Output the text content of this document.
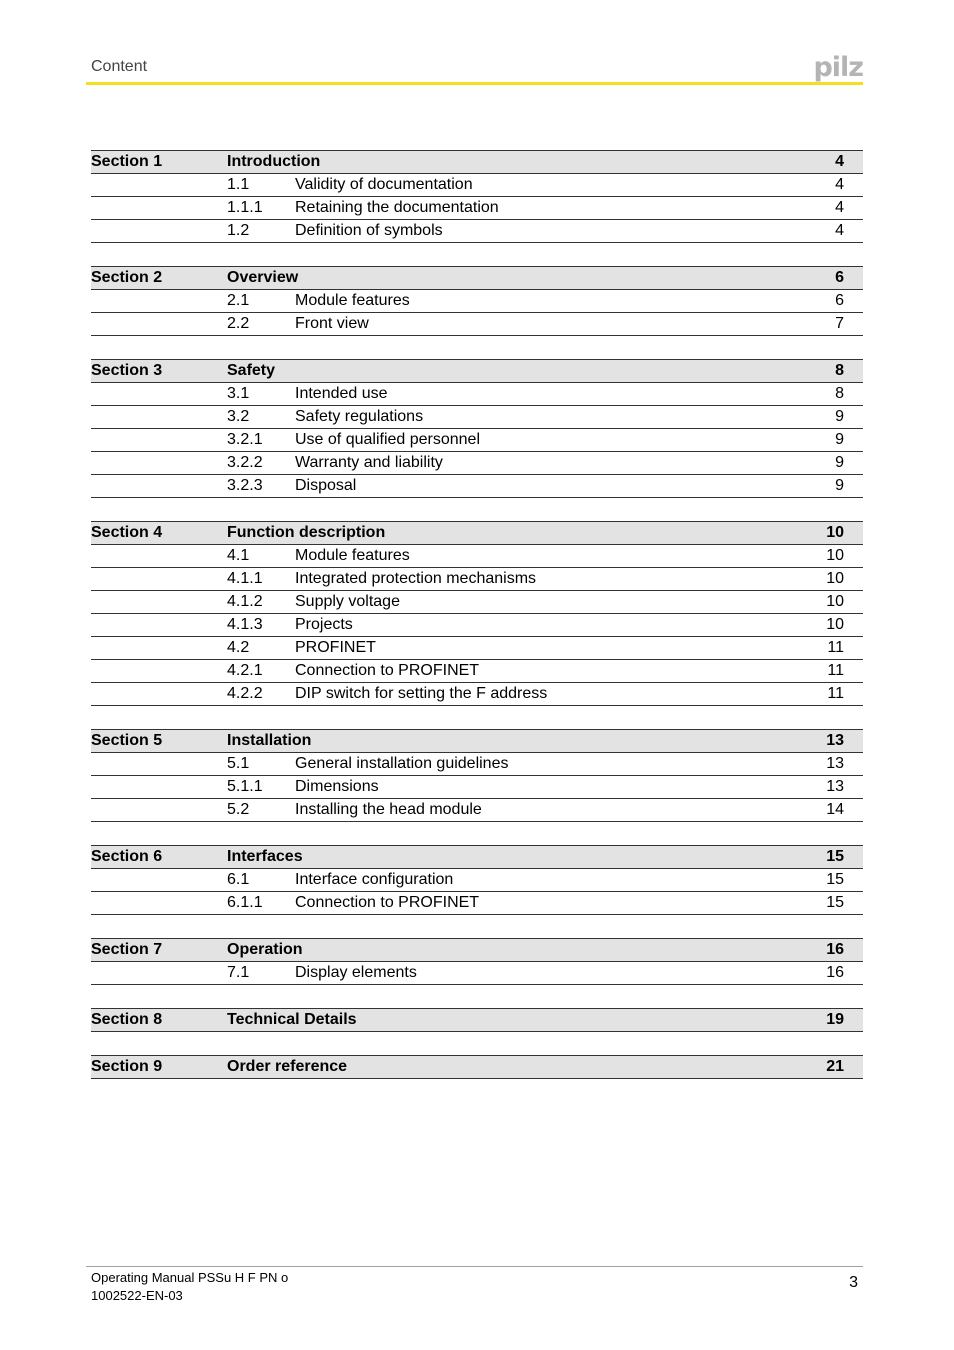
Content	pilz
Section 1	Introduction	4
1.1	Validity of documentation	4
1.1.1 Retaining the documentation	4
1.2	Definition of symbols	4
Section 2	Overview	6
2.1	Module features	6
2.2	Front view	7
Section 3	Safety	8
3.1	Intended use	8
3.2	Safety regulations	9
3.2.1 Use of qualified personnel	9
3.2.2 Warranty and liability	9
3.2.3 Disposal	9
Section 4	Function description	10
4.1	Module features	10
4.1.1 Integrated protection mechanisms	10
4.1.2 Supply voltage	10
4.1.3 Projects	10
4.2	PROFINET	11
4.2.1 Connection to PROFINET	11
4.2.2 DIP switch for setting the F address	11
Section 5	Installation	13
5.1	General installation guidelines	13
5.1.1 Dimensions	13
5.2	Installing the head module	14
Section 6	Interfaces	15
6.1	Interface configuration	15
6.1.1 Connection to PROFINET	15
Section 7	Operation	16
7.1	Display elements	16
Section 8	Technical Details	19
Section 9	Order reference	21
Operating Manual PSSu H F PN o
1002522-EN-03
3
